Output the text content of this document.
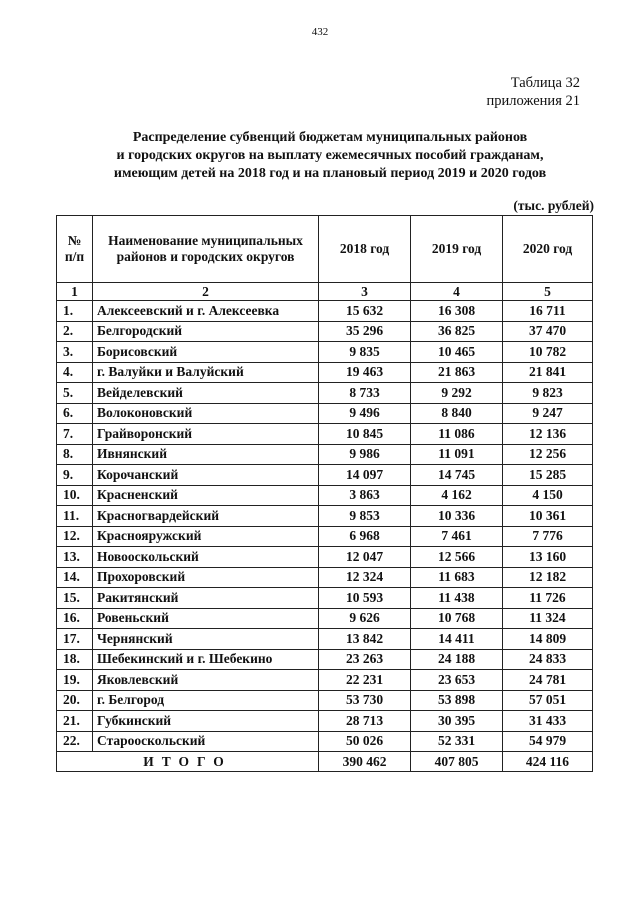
432
Таблица 32
приложения 21
Распределение субвенций бюджетам муниципальных районов
и городских округов на выплату ежемесячных пособий гражданам,
имеющим детей на 2018 год и на плановый период 2019 и 2020 годов
(тыс. рублей)
№ п/п	Наименование муниципальных районов и городских округов	2018 год	2019 год	2020 год
1	2	3	4	5
1.	Алексеевский и г. Алексеевка	15 632	16 308	16 711
2.	Белгородский	35 296	36 825	37 470
3.	Борисовский	9 835	10 465	10 782
4.	г. Валуйки и Валуйский	19 463	21 863	21 841
5.	Вейделевский	8 733	9 292	9 823
6.	Волоконовский	9 496	8 840	9 247
7.	Грайворонский	10 845	11 086	12 136
8.	Ивнянский	9 986	11 091	12 256
9.	Корочанский	14 097	14 745	15 285
10.	Красненский	3 863	4 162	4 150
11.	Красногвардейский	9 853	10 336	10 361
12.	Краснояружский	6 968	7 461	7 776
13.	Новооскольский	12 047	12 566	13 160
14.	Прохоровский	12 324	11 683	12 182
15.	Ракитянский	10 593	11 438	11 726
16.	Ровеньский	9 626	10 768	11 324
17.	Чернянский	13 842	14 411	14 809
18.	Шебекинский и г. Шебекино	23 263	24 188	24 833
19.	Яковлевский	22 231	23 653	24 781
20.	г. Белгород	53 730	53 898	57 051
21.	Губкинский	28 713	30 395	31 433
22.	Старооскольский	50 026	52 331	54 979
ИТОГО		390 462	407 805	424 116
